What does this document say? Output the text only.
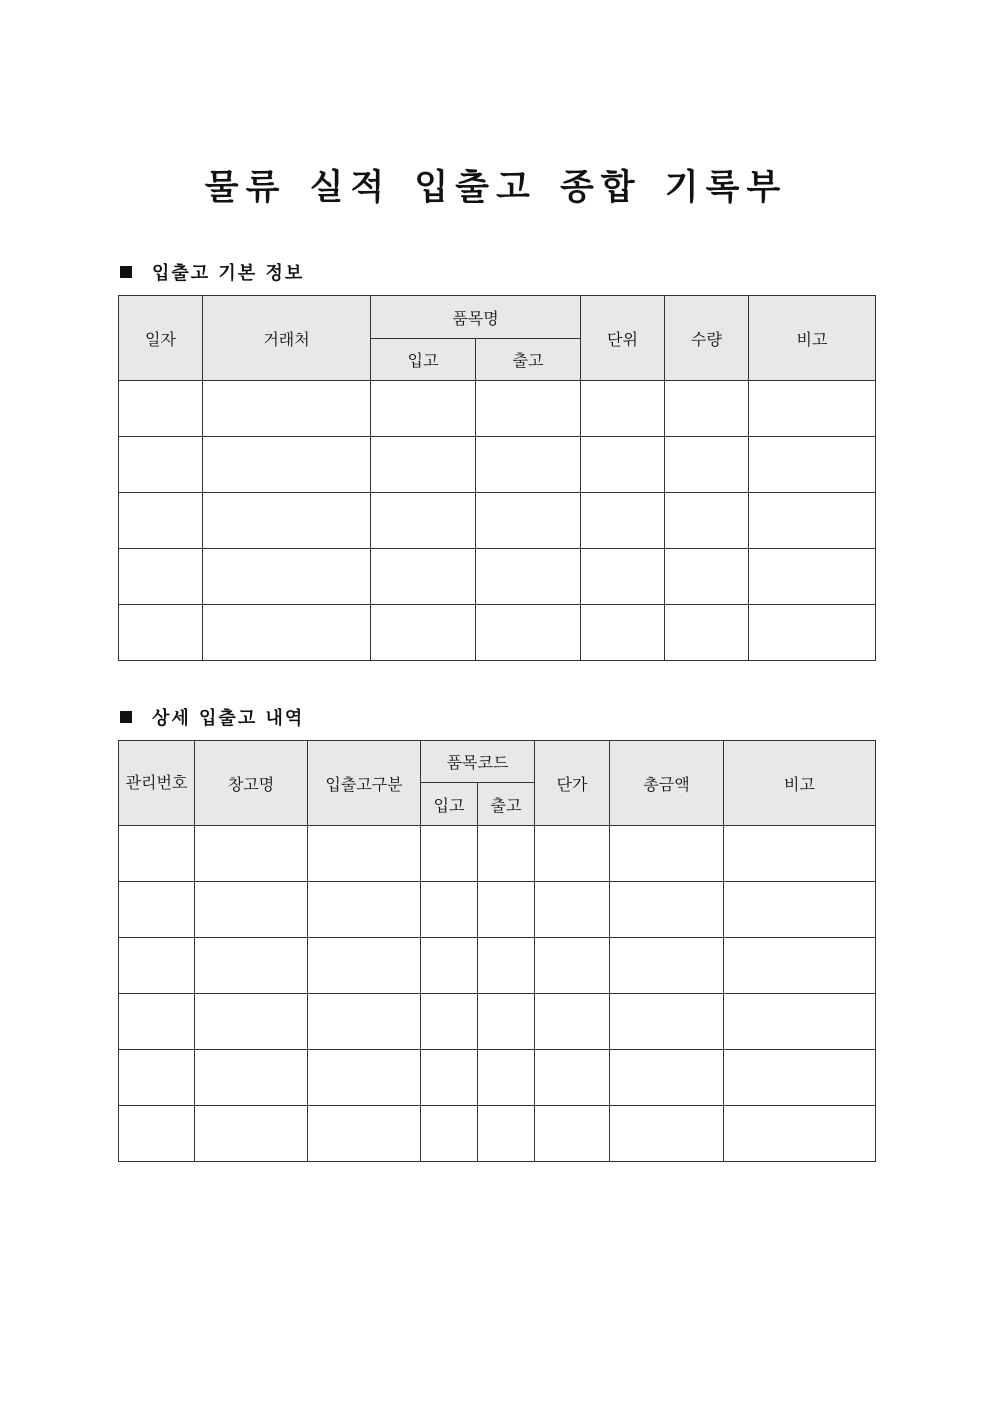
물류 실적 입출고 종합 기록부
입출고 기본 정보
일자	거래처	품목명		단위	수량	비고
		입고	출고			

상세 입출고 내역
관리번호	창고명	입출고구분	품목코드		단가	총금액	비고
			입고	출고			
